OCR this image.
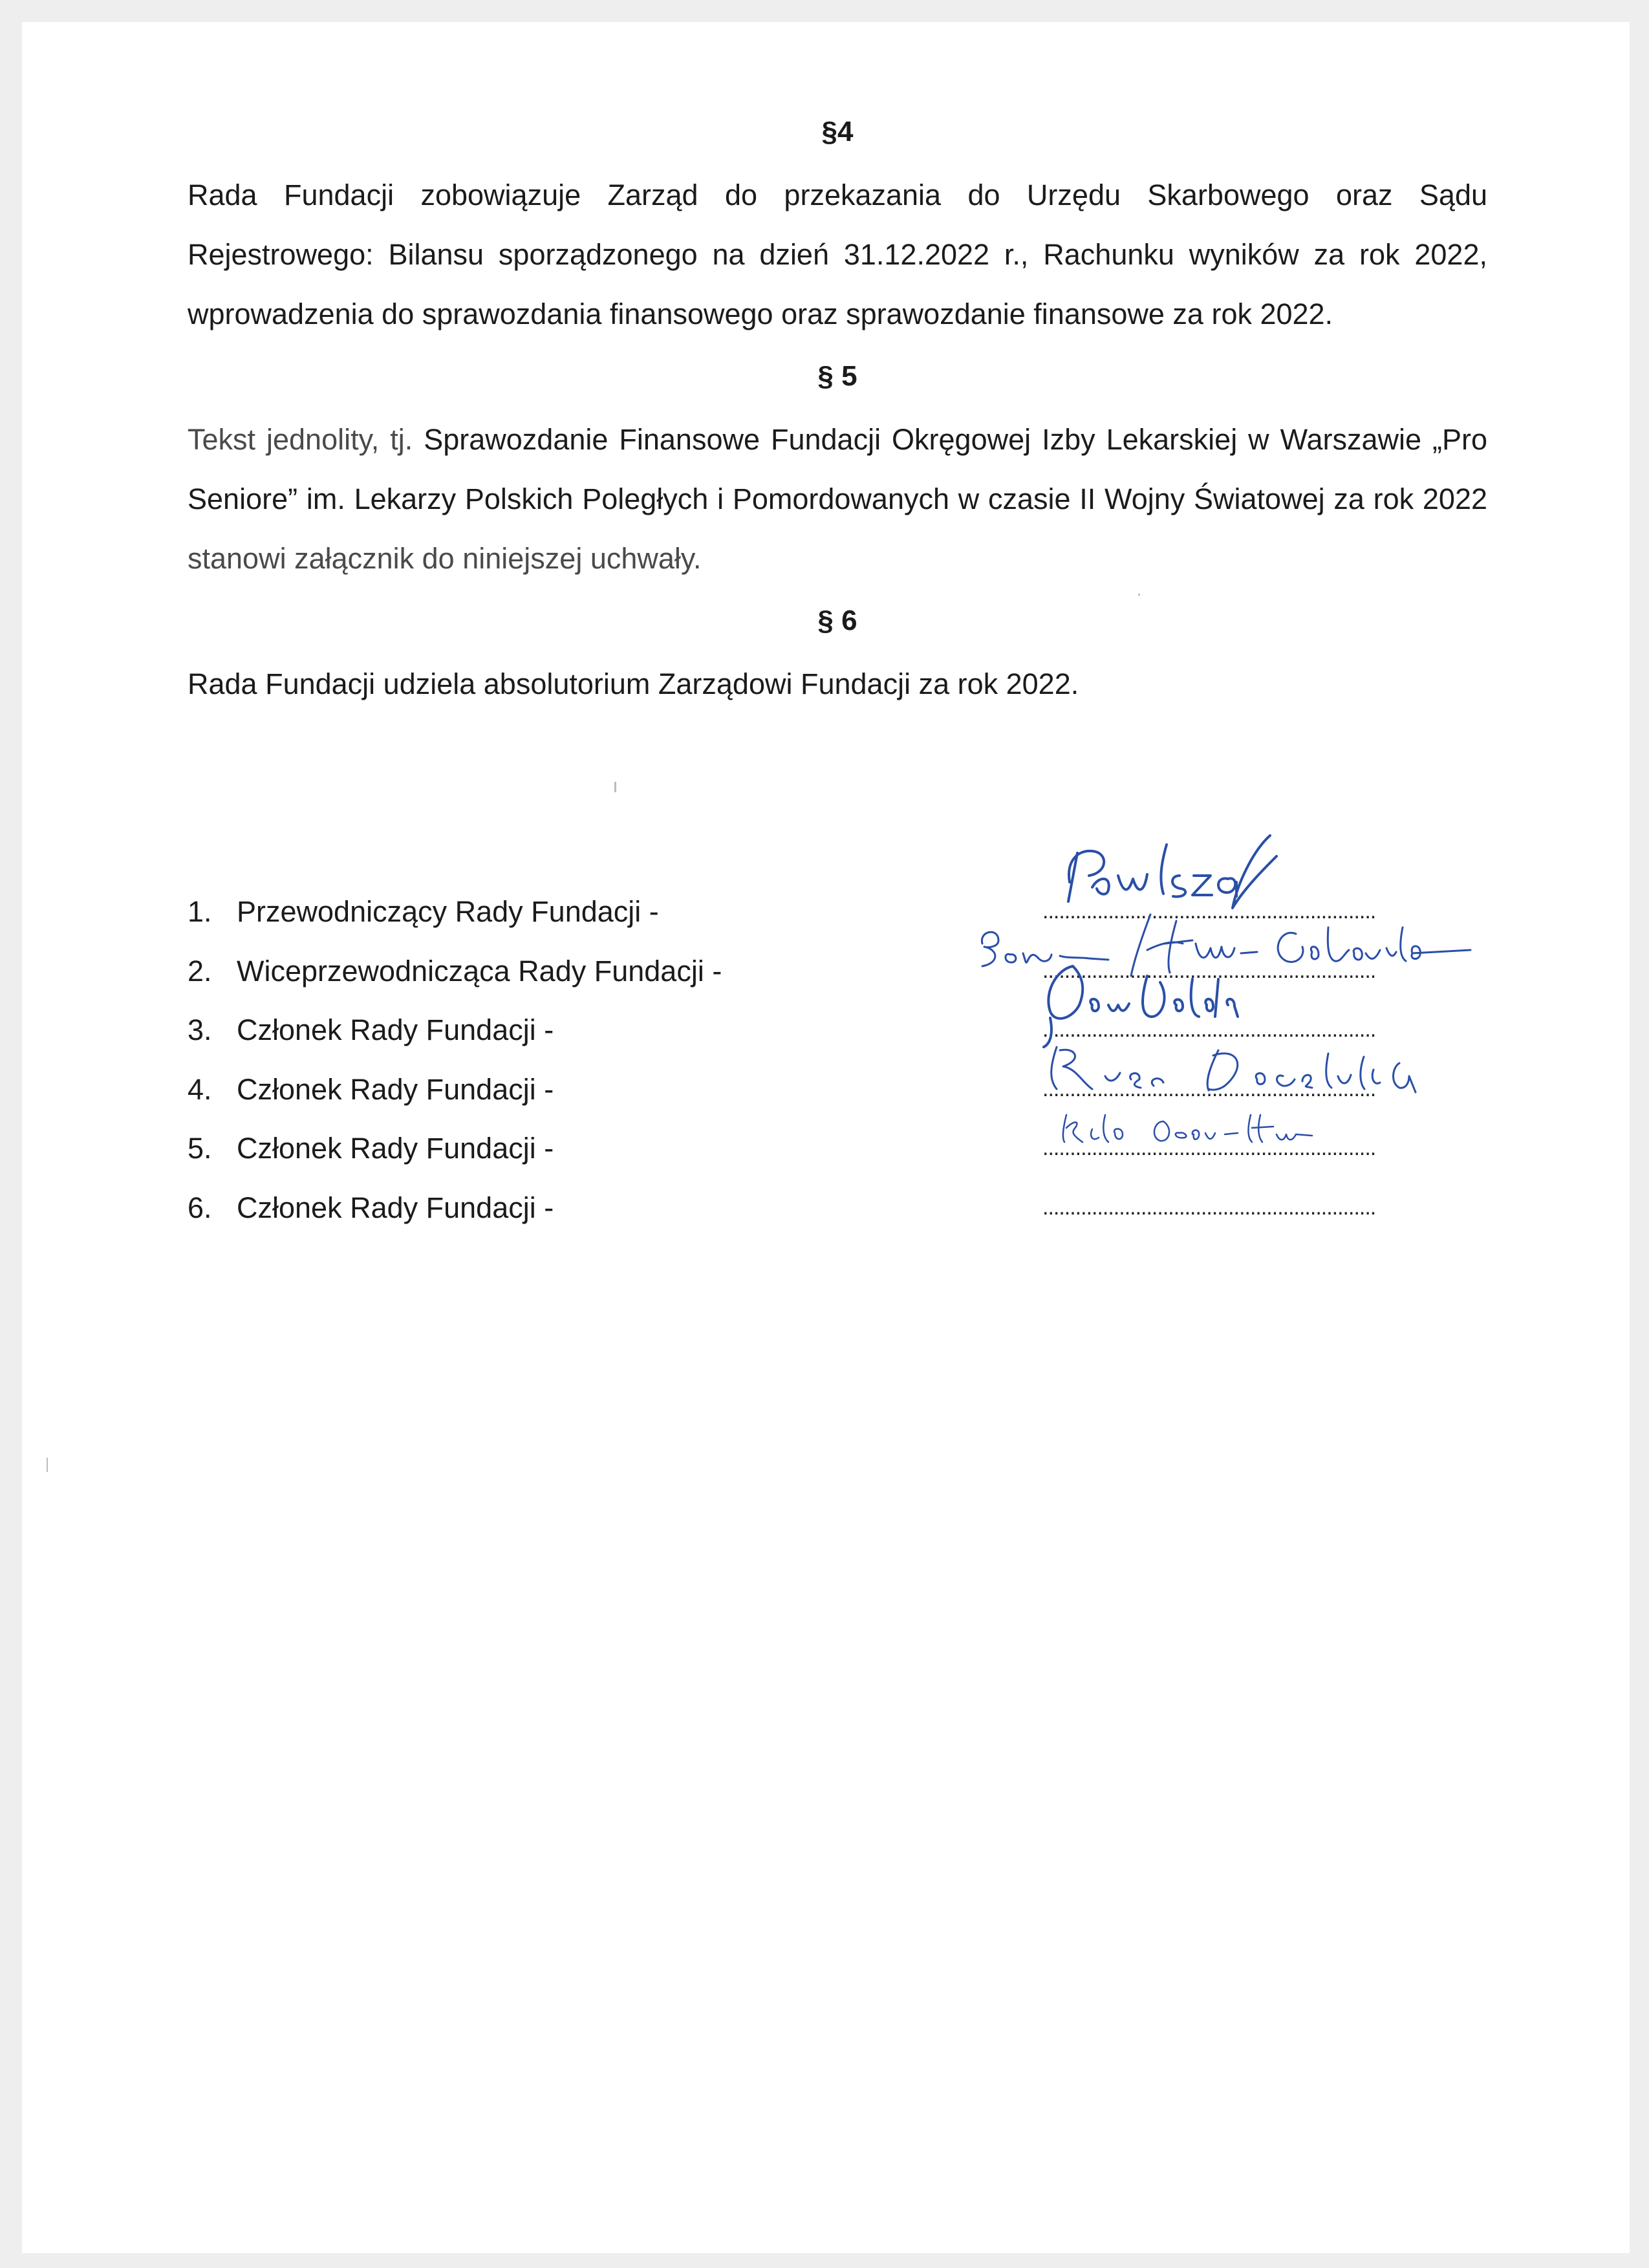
§4

Rada Fundacji zobowiązuje Zarząd do przekazania do Urzędu Skarbowego oraz Sądu Rejestrowego: Bilansu sporządzonego na dzień 31.12.2022 r., Rachunku wyników za rok 2022, wprowadzenia do sprawozdania finansowego oraz sprawozdanie finansowe za rok 2022.

§ 5

Tekst jednolity, tj. Sprawozdanie Finansowe Fundacji Okręgowej Izby Lekarskiej w Warszawie „Pro Seniore” im. Lekarzy Polskich Poległych i Pomordowanych w czasie II Wojny Światowej za rok 2022 stanowi załącznik do niniejszej uchwały.

§ 6

Rada Fundacji udziela absolutorium Zarządowi Fundacji za rok 2022.

1. Przewodniczący Rady Fundacji -	.............................................................
2. Wiceprzewodnicząca Rady Fundacji -	.............................................................
3. Członek Rady Fundacji -	.............................................................
4. Członek Rady Fundacji -	.............................................................
5. Członek Rady Fundacji -	.............................................................
6. Członek Rady Fundacji -	.............................................................
